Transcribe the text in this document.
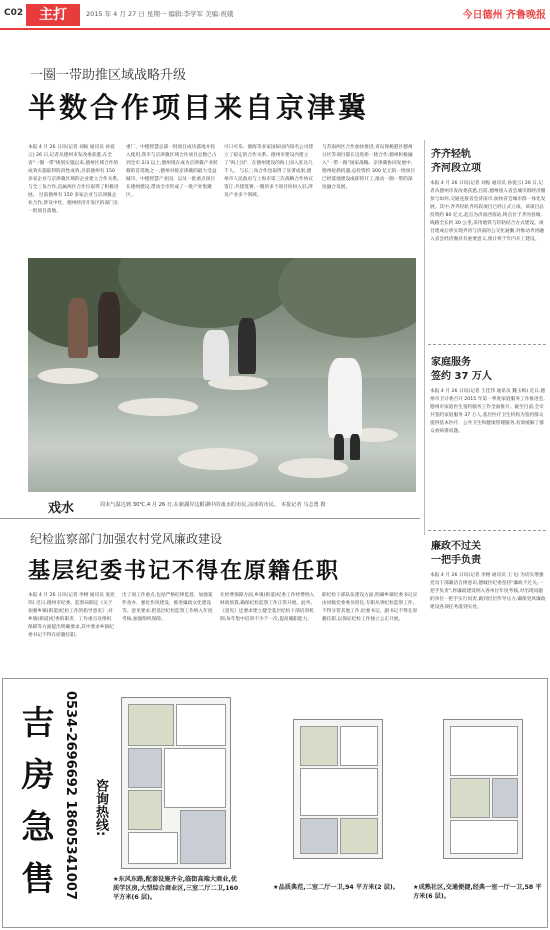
C02	主打	2015 年 4 月 27 日 星期一 编辑:李学军 美编:祝娥	今日德州 齐鲁晚报
一圈一带助推区域战略升级
半数合作项目来自京津冀
本报 4 月 26 日讯(记者 刘振 通讯员 孙爱云) 26 日,记者从德州市发改委获悉,在全省"一圈一带"规划实施以来,德州区域合作的成效实施取得阶段性成效,目前德州有 150 多家企业与京津冀区域的企业建立合作关系,与全三角合作,直属两区合作位取得了积极进展。 目前德州有 150 多家企业与京津冀企业合作,涉及中化、德州经济开发区的部门在一批项目落地。
重厂、中德智慧总部一批项目成功落地并投入使用,我市与京津冀区域合作项目总数已占到全市 2/3 以上,德州现在成为京津冀产业转移的首选地之一,德州对接京津冀的最大受益城市。中德智慧产业园、以及一批重点项目在德州建设,带动全市形成了一批产业集聚区。
可口可乐、渤海等多家国际国内知名公司建立了稳定的合作关系。德州市建设内建立了"海上国"、在德州建设的海上国入驻达几千人。 与长三角合作也取得了显著成果,德州市人民政府与上海市第三次战略合作协议签订,共建签署,一圈的多个项目纷纷入驻,涉及产业多个领域。
与苏南两区合作加快推进,青岛保税港区德州分区等项目都在迈进新一轮合作,德州积极融入"一带一路"国家战略。京津冀协同发展中,德州抢抓机遇,总投资约 300 亿元的一批项目已经落地建设或即将开工,推动一圈一带的深度融合发展。
戏水	周末气温达到 30℃,4 月 26 日,在新湖岸边附湖中的戏水的市民,凉冰的市民。 本报记者 马志勇 摄
齐齐轻轨
齐河段立项
本报 4 月 26 日讯(记者 刘振 通讯员 孙爱云) 26 日,记者从德州市发改委获悉,目前,德州接入省会城市群经济圈参与如何,交通连接省会济南市,加快省会城市群一体化发展。其中,齐齐轻轨齐河段项目已经正式立项。该项目总投资约 80 亿元,起点为济南西客站,终点位于齐河县城,线路全长约 30 公里,采用地铁与轻轨结合方式建设。项目建成后将实现齐河与济南的公交化通勤,对推动齐河融入省会经济圈具有重要意义,预计将于年内开工建设。
家庭服务
签约 37 万人
本报 4 月 26 日讯(记者 王佳伟 通讯员 魏玉梅) 近日,德州市卫计委召开 2015 年第一季度家庭服务工作推进会,德州市家庭医生签约服务工作全面推开。截至目前,全市共签约家庭服务 37 万人,基层医疗卫生机构为签约群众提供基本医疗、公共卫生和健康管理服务,有效缓解了群众看病难问题。
廉政不过关
一把手负责
本报 4 月 26 日讯(记者 李榕 通讯员 王飞) 为切实增强党员干部廉洁自律意识,德城区纪委坚持"廉政不过关,一把手负责",将廉政建设纳入各单位年度考核,对出现问题的单位一把手实行问责,做到层层传导压力,确保党风廉政建设各项任务落到实处。
纪检监察部门加强农村党风廉政建设
基层纪委书记不得在原籍任职
本报 4 月 26 日讯(记者 李榕 通讯员 张宪玮) 近日,德州市纪委、监察局制定《关于加强乡镇(街道)纪检工作的指导意见》,对乡镇(街道)纪委的职责、工作重点及组织保障等方面提出明确要求,其中要求乡镇纪委书记不得在原籍任职。
出了项工作重点,包括严格纪律监督、加强案件查办、强化作风建设、推进廉政文化建设等。意见要求,把基层纪检监察工作纳入年度考核,加强组织保障。
在经费保障方面,乡镇(街道)纪委工作经费纳入财政预算,确保纪检监察工作正常开展。此外,《意见》还要求建立健全基层纪检干部培训机制,每年集中培训不少于一次,提高履职能力。
职纪检干部队伍建设方面,明确乡镇纪委书记应由同级党委委员担任,专职从事纪检监察工作,不得分管其他工作,纪委书记、副书记不得在原籍任职,以保证纪检工作独立公正开展。
吉房急售 0534-2696692 18605341007 咨询热线:
★东风东路,配套设施齐全,临街高端大商业,优质学区房,大型综合商业区,三室二厅二卫,160 平方米(6 层)。
★品质典范,二室二厅一卫,94 平方米(2 层)。	★成熟社区,交通便捷,经典一室一厅一卫,58 平方米(6 层)。
